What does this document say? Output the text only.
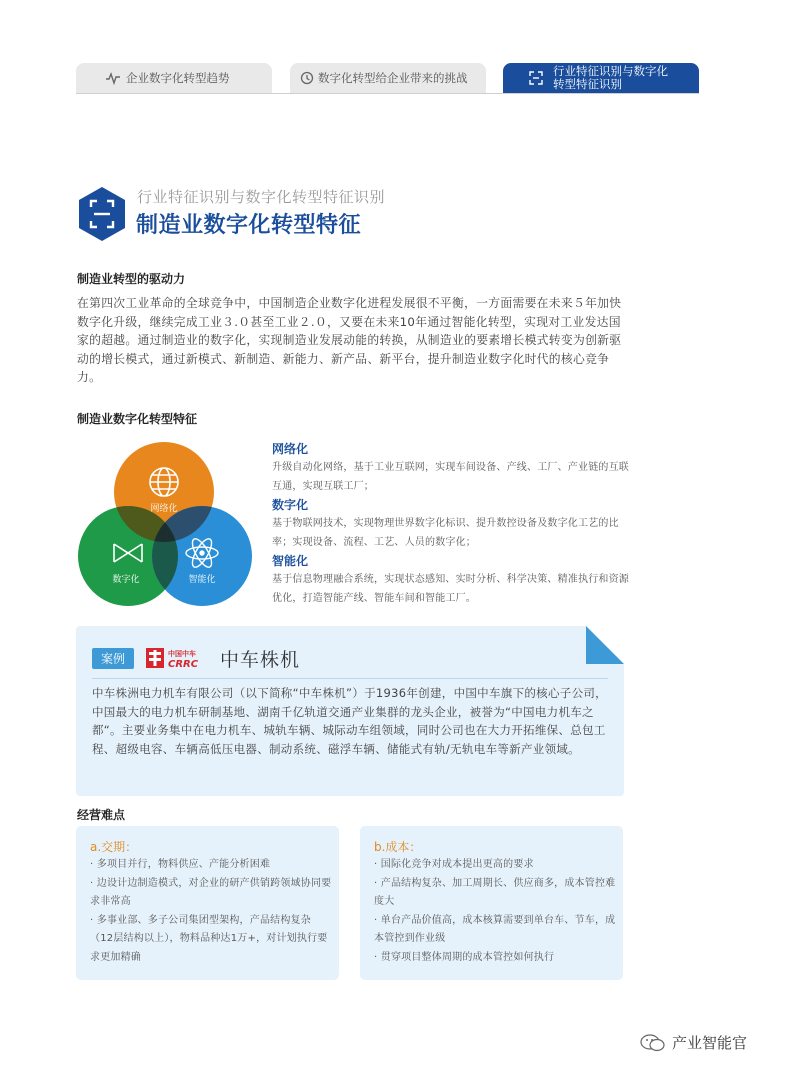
企业数字化转型趋势	数字化转型给企业带来的挑战	行业特征识别与数字化
转型特征识别
行业特征识别与数字化转型特征识别
制造业数字化转型特征
制造业转型的驱动力
在第四次工业革命的全球竞争中，中国制造企业数字化进程发展很不平衡，一方面需要在未来５年加快数字化升级，继续完成工业３.０甚至工业２.０，又要在未来10年通过智能化转型，实现对工业发达国家的超越。通过制造业的数字化，实现制造业发展动能的转换，从制造业的要素增长模式转变为创新驱动的增长模式，通过新模式、新制造、新能力、新产品、新平台，提升制造业数字化时代的核心竞争力。
制造业数字化转型特征
网络化
数字化	智能化
网络化
升级自动化网络，基于工业互联网，实现车间设备、产线、工厂、产业链的互联互通，实现互联工厂；
数字化
基于物联网技术，实现物理世界数字化标识、提升数控设备及数字化工艺的比率；实现设备、流程、工艺、人员的数字化；
智能化
基于信息物理融合系统，实现状态感知、实时分析、科学决策、精准执行和资源优化，打造智能产线、智能车间和智能工厂。
案例	中国中车
CRRC 中车株机
中车株洲电力机车有限公司（以下简称“中车株机”）于1936年创建，中国中车旗下的核心子公司，中国最大的电力机车研制基地、湖南千亿轨道交通产业集群的龙头企业，被誉为“中国电力机车之都“。主要业务集中在电力机车、城轨车辆、城际动车组领域，同时公司也在大力开拓维保、总包工程、超级电容、车辆高低压电器、制动系统、磁浮车辆、储能式有轨/无轨电车等新产业领域。
经营难点
a.交期：
· 多项目并行，物料供应、产能分析困难
· 边设计边制造模式，对企业的研产供销跨领域协同要求非常高
· 多事业部、多子公司集团型架构，产品结构复杂（12层结构以上），物料品种达1万+，对计划执行要求更加精确
b.成本：
· 国际化竞争对成本提出更高的要求
· 产品结构复杂、加工周期长、供应商多，成本管控难度大
· 单台产品价值高，成本核算需要到单台车、节车，成本管控到作业级
· 贯穿项目整体周期的成本管控如何执行
产业智能官
